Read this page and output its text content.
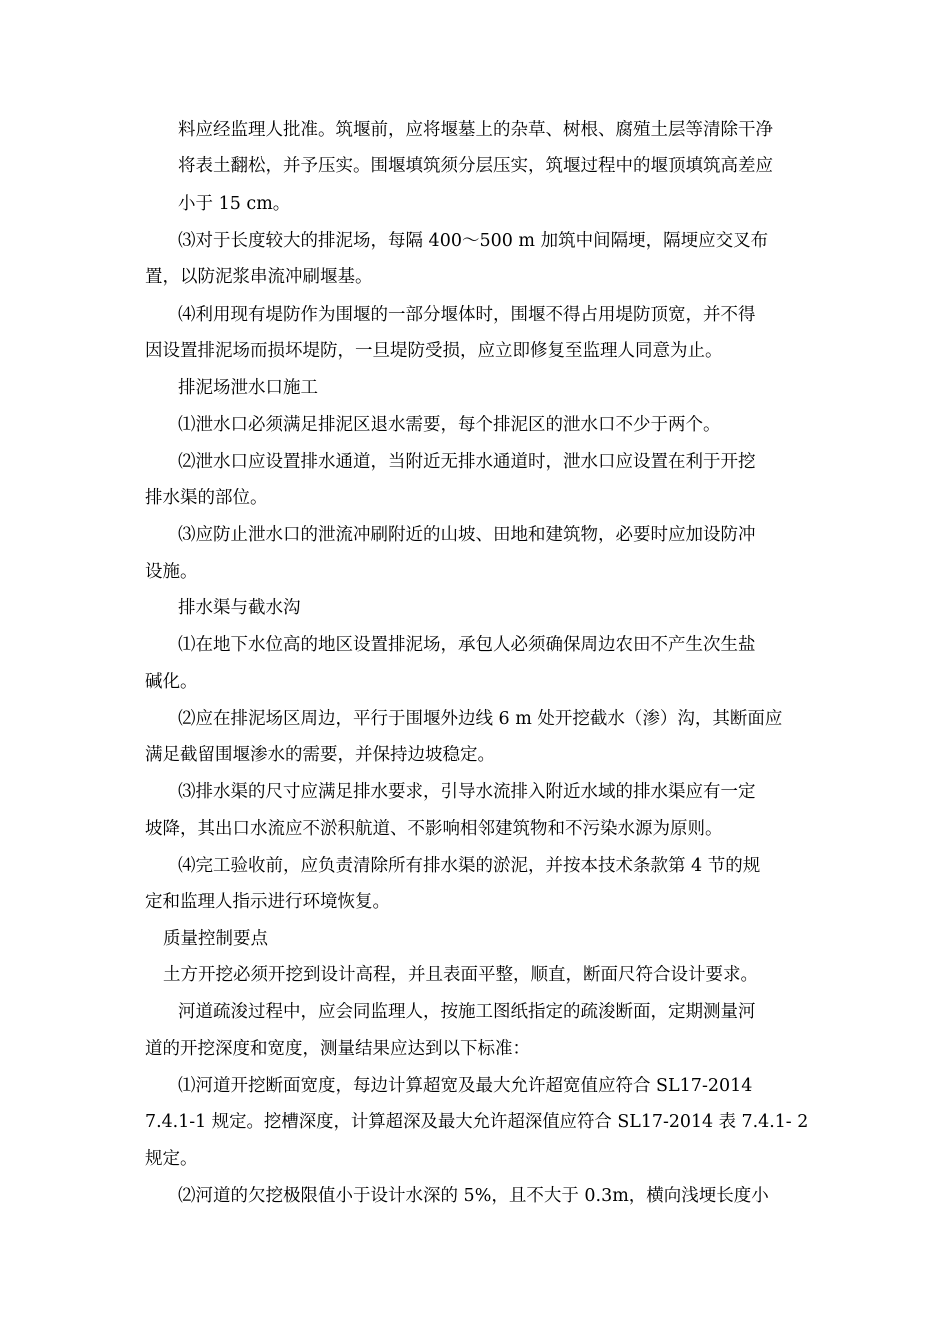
料应经监理人批准。筑堰前，应将堰墓上的杂草、树根、腐殖土层等清除干净
将表土翻松，并予压实。围堰填筑须分层压实，筑堰过程中的堰顶填筑高差应
小于 15 cm。
⑶对于长度较大的排泥场，每隔 400～500 m 加筑中间隔埂，隔埂应交叉布
置，以防泥浆串流冲刷堰基。
⑷利用现有堤防作为围堰的一部分堰体时，围堰不得占用堤防顶宽，并不得
因设置排泥场而损坏堤防，一旦堤防受损，应立即修复至监理人同意为止。
排泥场泄水口施工
⑴泄水口必须满足排泥区退水需要，每个排泥区的泄水口不少于两个。
⑵泄水口应设置排水通道，当附近无排水通道时，泄水口应设置在利于开挖
排水渠的部位。
⑶应防止泄水口的泄流冲刷附近的山坡、田地和建筑物，必要时应加设防冲
设施。
排水渠与截水沟
⑴在地下水位高的地区设置排泥场，承包人必须确保周边农田不产生次生盐
碱化。
⑵应在排泥场区周边，平行于围堰外边线 6 m 处开挖截水（渗）沟，其断面应
满足截留围堰渗水的需要，并保持边坡稳定。
⑶排水渠的尺寸应满足排水要求，引导水流排入附近水域的排水渠应有一定
坡降，其出口水流应不淤积航道、不影响相邻建筑物和不污染水源为原则。
⑷完工验收前，应负责清除所有排水渠的淤泥，并按本技术条款第 4 节的规
定和监理人指示进行环境恢复。
质量控制要点
土方开挖必须开挖到设计高程，并且表面平整，顺直，断面尺符合设计要求。
河道疏浚过程中，应会同监理人，按施工图纸指定的疏浚断面，定期测量河
道的开挖深度和宽度，测量结果应达到以下标准：
⑴河道开挖断面宽度，每边计算超宽及最大允许超宽值应符合 SL17-2014
7.4.1-1 规定。挖槽深度，计算超深及最大允许超深值应符合 SL17-2014 表 7.4.1- 2
规定。
⑵河道的欠挖极限值小于设计水深的 5%，且不大于 0.3m，横向浅埂长度小
